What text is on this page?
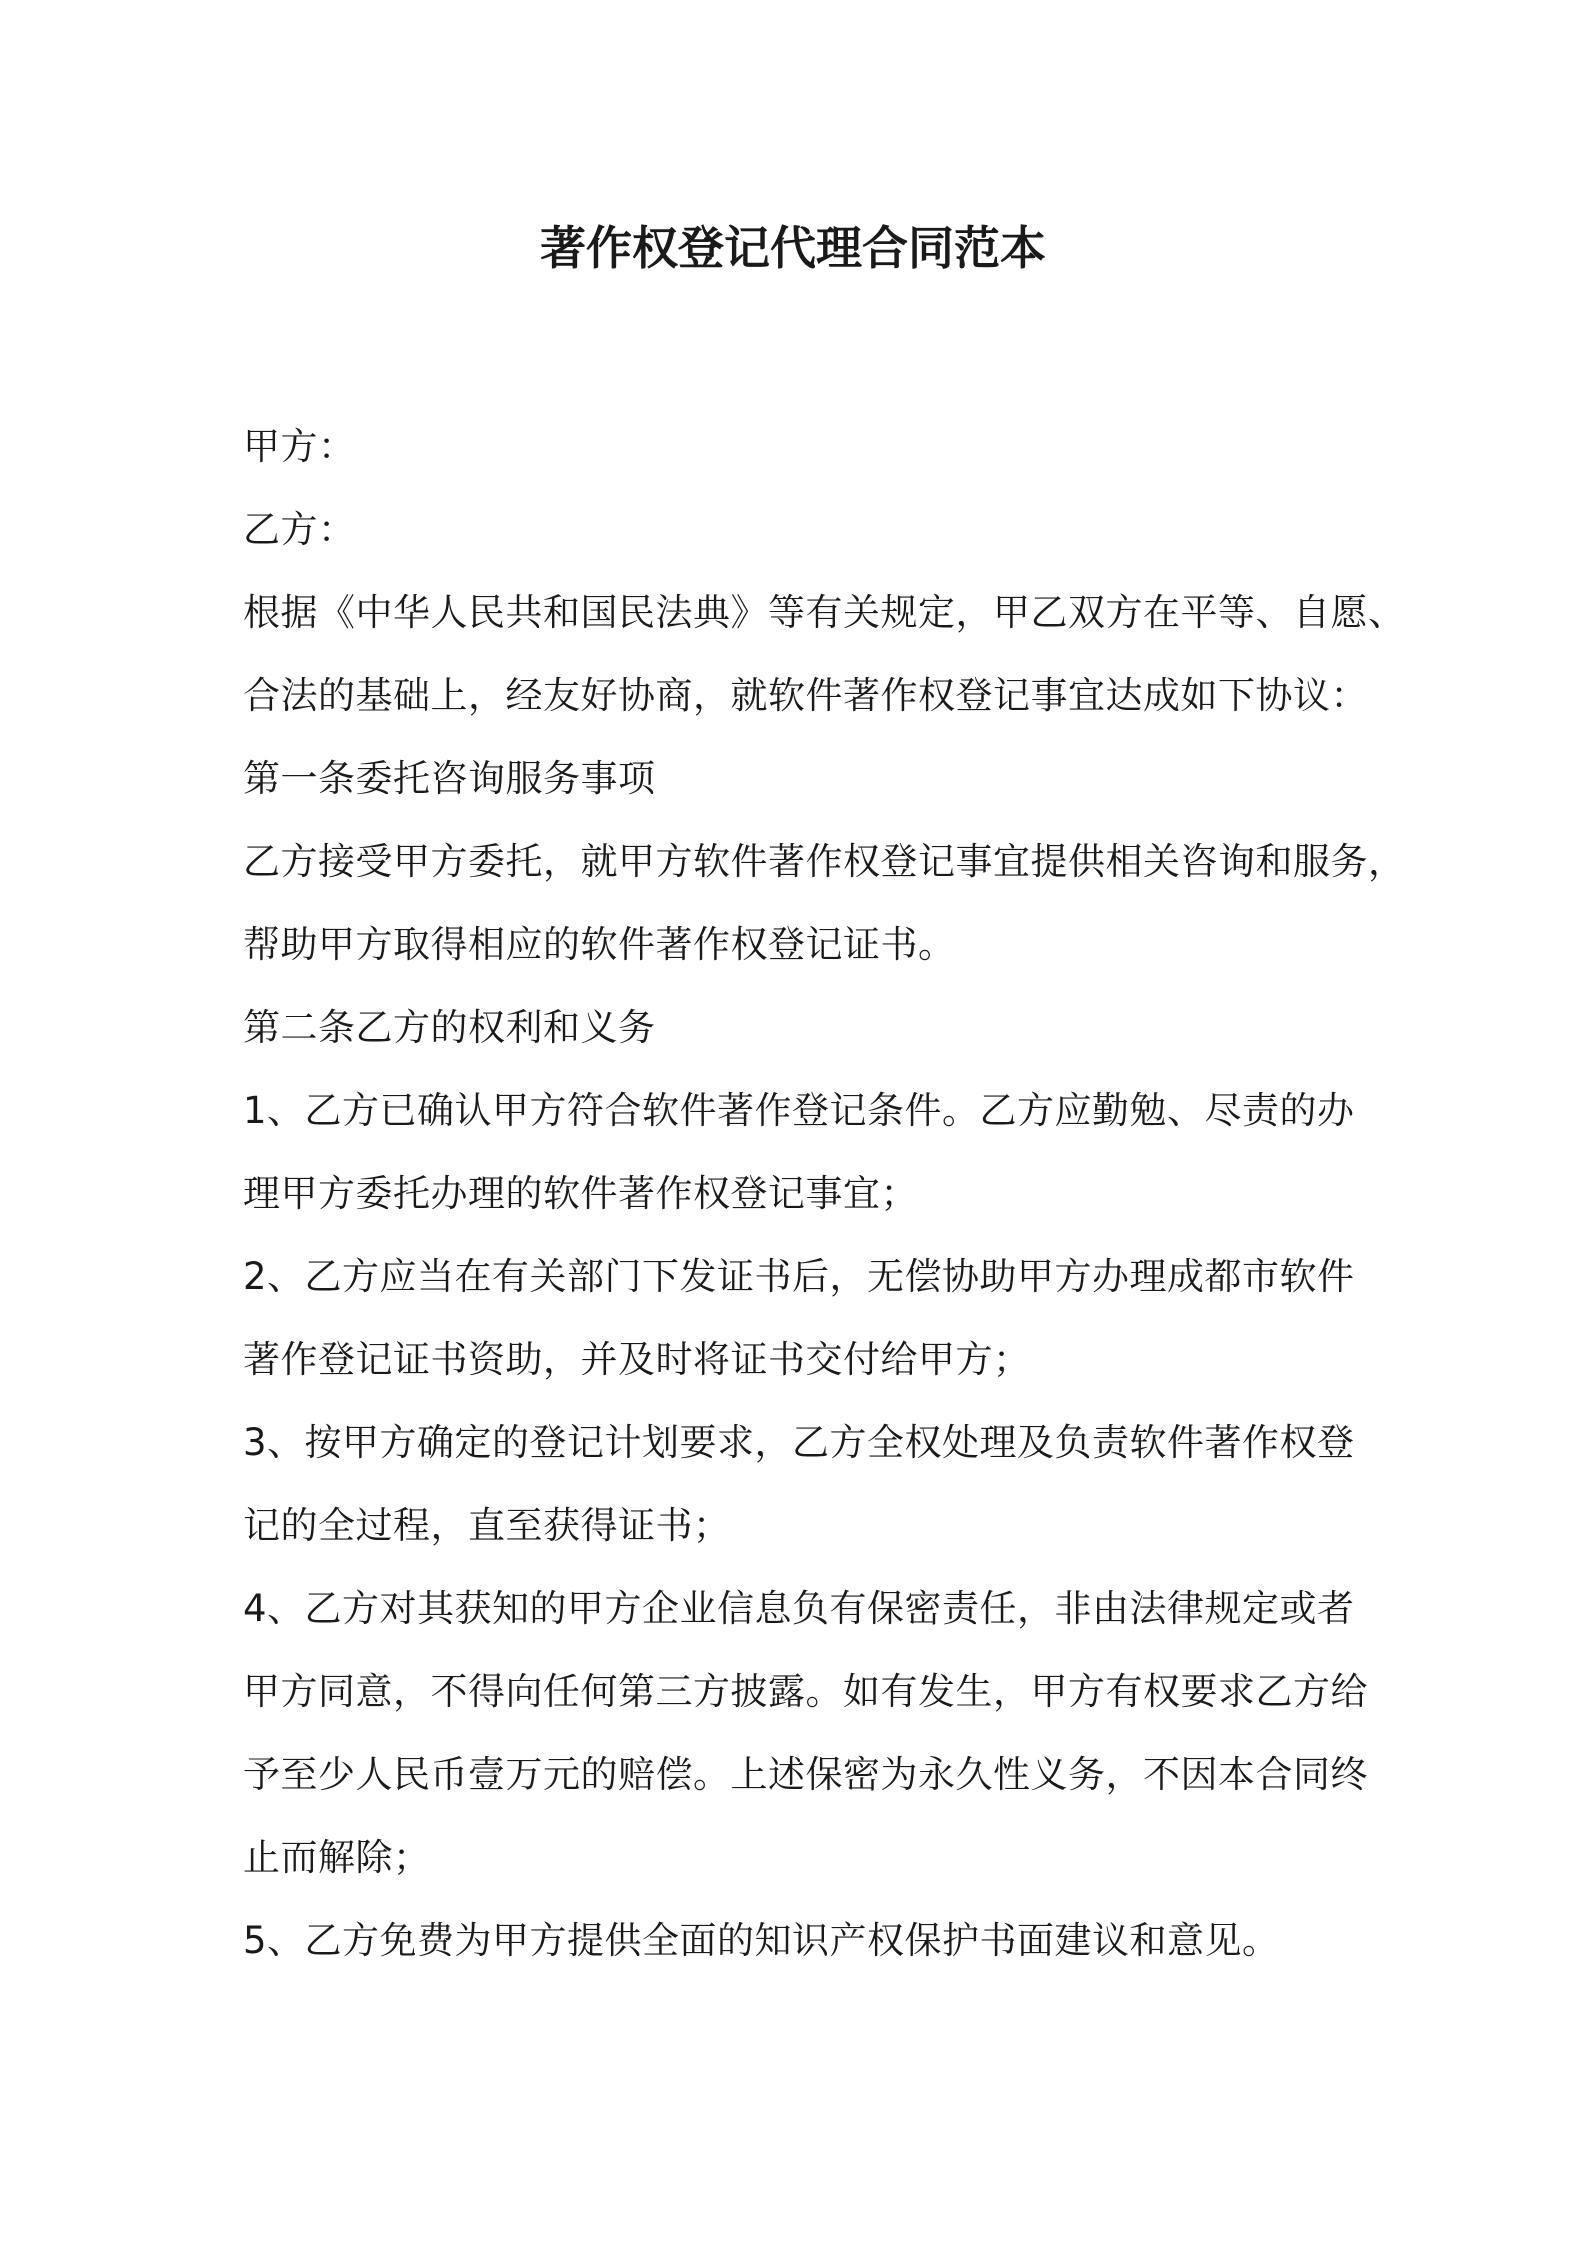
著作权登记代理合同范本
甲方：
乙方：
根据《中华人民共和国民法典》等有关规定，甲乙双方在平等、自愿、
合法的基础上，经友好协商，就软件著作权登记事宜达成如下协议：
第一条委托咨询服务事项
乙方接受甲方委托，就甲方软件著作权登记事宜提供相关咨询和服务，
帮助甲方取得相应的软件著作权登记证书。
第二条乙方的权利和义务
1、乙方已确认甲方符合软件著作登记条件。乙方应勤勉、尽责的办
理甲方委托办理的软件著作权登记事宜；
2、乙方应当在有关部门下发证书后，无偿协助甲方办理成都市软件
著作登记证书资助，并及时将证书交付给甲方；
3、按甲方确定的登记计划要求，乙方全权处理及负责软件著作权登
记的全过程，直至获得证书；
4、乙方对其获知的甲方企业信息负有保密责任，非由法律规定或者
甲方同意，不得向任何第三方披露。如有发生，甲方有权要求乙方给
予至少人民币壹万元的赔偿。上述保密为永久性义务，不因本合同终
止而解除；
5、乙方免费为甲方提供全面的知识产权保护书面建议和意见。
